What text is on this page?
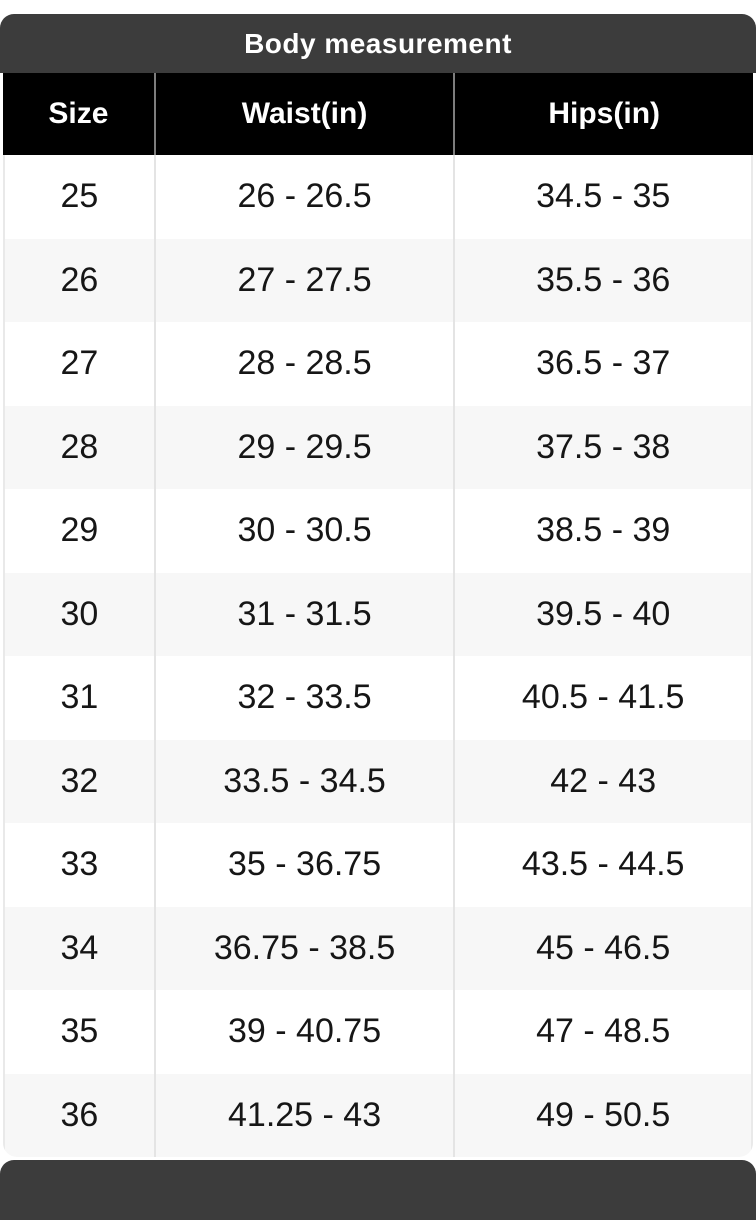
Body measurement
Size	Waist(in)	Hips(in)
25	26 - 26.5	34.5 - 35
26	27 - 27.5	35.5 - 36
27	28 - 28.5	36.5 - 37
28	29 - 29.5	37.5 - 38
29	30 - 30.5	38.5 - 39
30	31 - 31.5	39.5 - 40
31	32 - 33.5	40.5 - 41.5
32	33.5 - 34.5	42 - 43
33	35 - 36.75	43.5 - 44.5
34	36.75 - 38.5	45 - 46.5
35	39 - 40.75	47 - 48.5
36	41.25 - 43	49 - 50.5
